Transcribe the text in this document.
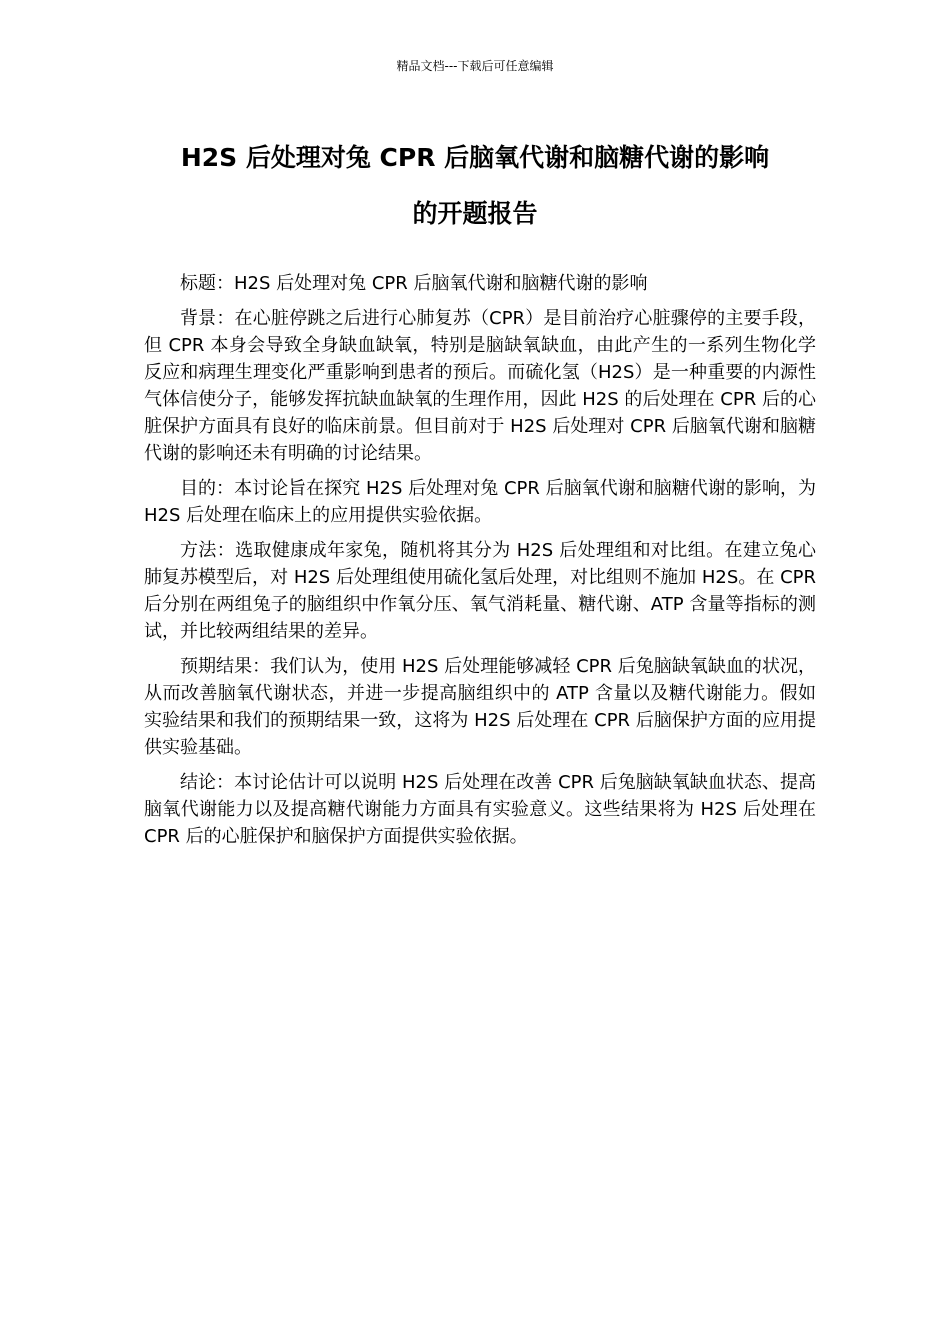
精品文档---下载后可任意编辑
H2S 后处理对兔 CPR 后脑氧代谢和脑糖代谢的影响
的开题报告

标题：H2S 后处理对兔 CPR 后脑氧代谢和脑糖代谢的影响

背景：在心脏停跳之后进行心肺复苏（CPR）是目前治疗心脏骤停的主要手段，但 CPR 本身会导致全身缺血缺氧，特别是脑缺氧缺血，由此产生的一系列生物化学反应和病理生理变化严重影响到患者的预后。而硫化氢（H2S）是一种重要的内源性气体信使分子，能够发挥抗缺血缺氧的生理作用，因此 H2S 的后处理在 CPR 后的心脏保护方面具有良好的临床前景。但目前对于 H2S 后处理对 CPR 后脑氧代谢和脑糖代谢的影响还未有明确的讨论结果。

目的：本讨论旨在探究 H2S 后处理对兔 CPR 后脑氧代谢和脑糖代谢的影响，为 H2S 后处理在临床上的应用提供实验依据。

方法：选取健康成年家兔，随机将其分为 H2S 后处理组和对比组。在建立兔心肺复苏模型后，对 H2S 后处理组使用硫化氢后处理，对比组则不施加 H2S。在 CPR 后分别在两组兔子的脑组织中作氧分压、氧气消耗量、糖代谢、ATP 含量等指标的测试，并比较两组结果的差异。

预期结果：我们认为，使用 H2S 后处理能够减轻 CPR 后兔脑缺氧缺血的状况，从而改善脑氧代谢状态，并进一步提高脑组织中的 ATP 含量以及糖代谢能力。假如实验结果和我们的预期结果一致，这将为 H2S 后处理在 CPR 后脑保护方面的应用提供实验基础。

结论：本讨论估计可以说明 H2S 后处理在改善 CPR 后兔脑缺氧缺血状态、提高脑氧代谢能力以及提高糖代谢能力方面具有实验意义。这些结果将为 H2S 后处理在 CPR 后的心脏保护和脑保护方面提供实验依据。
